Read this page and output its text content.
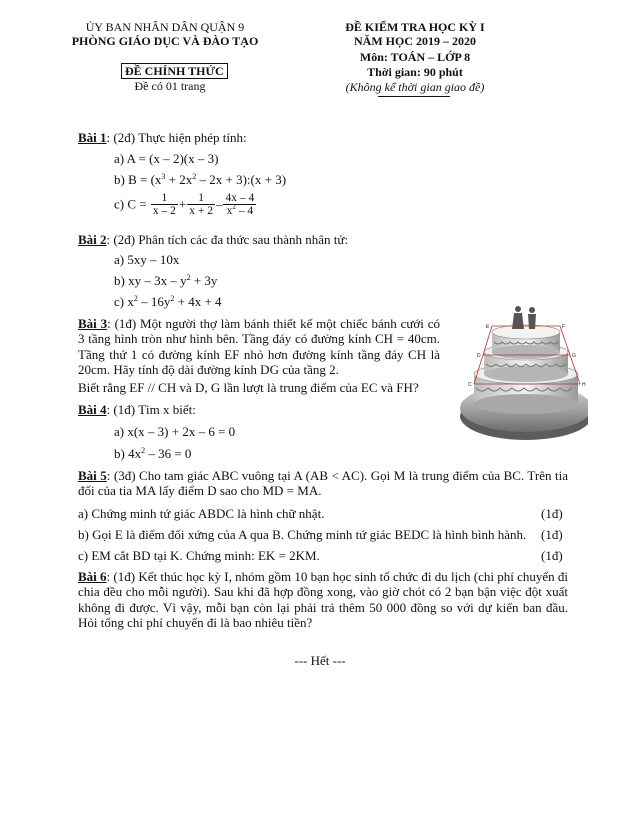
ỦY BAN NHÂN DÂN QUẬN 9
PHÒNG GIÁO DỤC VÀ ĐÀO TẠO
ĐỀ CHÍNH THỨC
Đề có 01 trang
ĐỀ KIỂM TRA HỌC KỲ I
NĂM HỌC 2019 – 2020
Môn: TOÁN – LỚP 8
Thời gian: 90 phút
(Không kể thời gian giao đề)
Bài 1: (2đ) Thực hiện phép tính:
a) A = (x – 2)(x – 3)
b) $B = (x^3 + 2x^2 - 2x$ + 3):(x + 3)
c) $C = \frac{1}{x - 2} + \frac{1}{x + 2} - \frac{4x - 4}{x^2 - 4}$
Bài 2: (2đ) Phân tích các đa thức sau thành nhân tử:
a) 5xy – 10x
b) xy – $3x - y^2 + 3y$
c) $x^2 - 16y^2 + 4x + 4$
Bài 3: (1đ) Một người thợ làm bánh thiết kế một chiếc bánh cưới có 3 tầng hình tròn như hình bên. Tầng đáy có đường kính CH = 40cm. Tầng thứ 1 có đường kính EF nhỏ hơn đường kính tầng đáy CH là 20cm. Hãy tính độ dài đường kính DG của tầng 2.
Biết rằng EF // CH và D, G lần lượt là trung điểm của EC và FH?
E	F
D	G
C	H
Bài 4: (1đ) Tìm x biết:
a) x(x – 3) + 2x – 6 = 0
b) $4x^2 - 36 = 0$
Bài 5: (3đ) Cho tam giác ABC vuông tại A (AB < AC). Gọi M là trung điểm của BC. Trên tia đối của tia MA lấy điểm D sao cho MD = MA.
a) Chứng minh tứ giác ABDC là hình chữ nhật.	(1đ)
b) Gọi E là điểm đối xứng của A qua B. Chứng minh tứ giác BEDC là hình bình hành. (1đ)
c) EM cắt BD tại K. Chứng minh: EK = 2KM.	(1đ)
Bài 6: (1đ) Kết thúc học kỳ I, nhóm gồm 10 bạn học sinh tổ chức đi du lịch (chi phí chuyến đi chia đều cho mỗi người). Sau khi đã hợp đồng xong, vào giờ chót có 2 bạn bận việc đột xuất không đi được. Vì vậy, mỗi bạn còn lại phải trả thêm 50 000 đồng so với dự kiến ban đầu. Hỏi tổng chi phí chuyến đi là bao nhiêu tiền?
--- Hết ---
